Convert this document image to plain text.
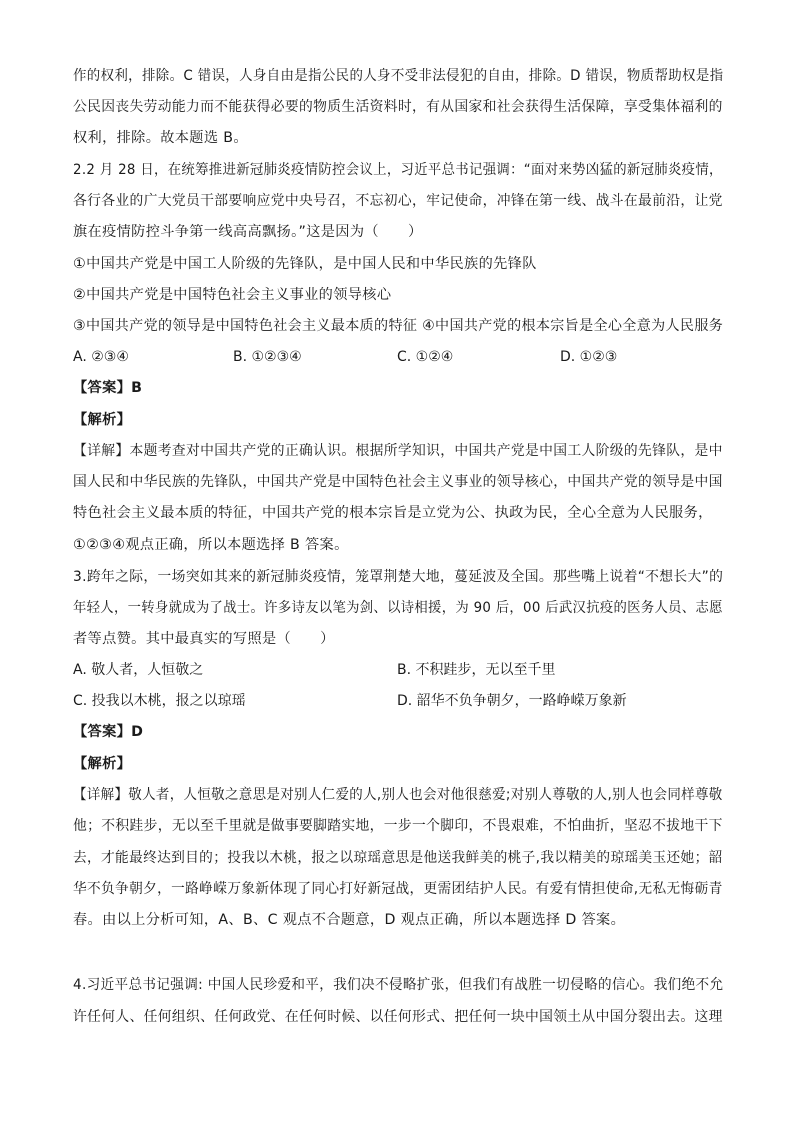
作的权利，排除。C 错误，人身自由是指公民的人身不受非法侵犯的自由，排除。D 错误，物质帮助权是指
公民因丧失劳动能力而不能获得必要的物质生活资料时，有从国家和社会获得生活保障，享受集体福利的
权利，排除。故本题选 B。
2.2 月 28 日，在统筹推进新冠肺炎疫情防控会议上，习近平总书记强调：“面对来势凶猛的新冠肺炎疫情，
各行各业的广大党员干部要响应党中央号召，不忘初心，牢记使命，冲锋在第一线、战斗在最前沿，让党
旗在疫情防控斗争第一线高高飘扬。”这是因为（　　）
①中国共产党是中国工人阶级的先锋队，是中国人民和中华民族的先锋队
②中国共产党是中国特色社会主义事业的领导核心
③中国共产党的领导是中国特色社会主义最本质的特征 ④中国共产党的根本宗旨是全心全意为人民服务
A. ②③④	B. ①②③④	C. ①②④	D. ①②③
【答案】B
【解析】
【详解】本题考查对中国共产党的正确认识。根据所学知识，中国共产党是中国工人阶级的先锋队，是中
国人民和中华民族的先锋队，中国共产党是中国特色社会主义事业的领导核心，中国共产党的领导是中国
特色社会主义最本质的特征，中国共产党的根本宗旨是立党为公、执政为民，全心全意为人民服务，
①②③④观点正确，所以本题选择 B 答案。
3.跨年之际，一场突如其来的新冠肺炎疫情，笼罩荆楚大地，蔓延波及全国。那些嘴上说着“不想长大”的
年轻人，一转身就成为了战士。许多诗友以笔为剑、以诗相援，为 90 后，00 后武汉抗疫的医务人员、志愿
者等点赞。其中最真实的写照是（　　）
A. 敬人者，人恒敬之	B. 不积跬步，无以至千里
C. 投我以木桃，报之以琼瑶	D. 韶华不负争朝夕，一路峥嵘万象新
【答案】D
【解析】
【详解】敬人者，人恒敬之意思是对别人仁爱的人,别人也会对他很慈爱;对别人尊敬的人,别人也会同样尊敬
他；不积跬步，无以至千里就是做事要脚踏实地，一步一个脚印，不畏艰难，不怕曲折，坚忍不拔地干下
去，才能最终达到目的；投我以木桃，报之以琼瑶意思是他送我鲜美的桃子,我以精美的琼瑶美玉还她；韶
华不负争朝夕，一路峥嵘万象新体现了同心打好新冠战，更需团结护人民。有爱有情担使命,无私无悔砺青
春。由以上分析可知，A、B、C 观点不合题意，D 观点正确，所以本题选择 D 答案。
4.习近平总书记强调: 中国人民珍爱和平，我们决不侵略扩张，但我们有战胜一切侵略的信心。我们绝不允
许任何人、任何组织、任何政党、在任何时候、以任何形式、把任何一块中国领土从中国分裂出去。这理
